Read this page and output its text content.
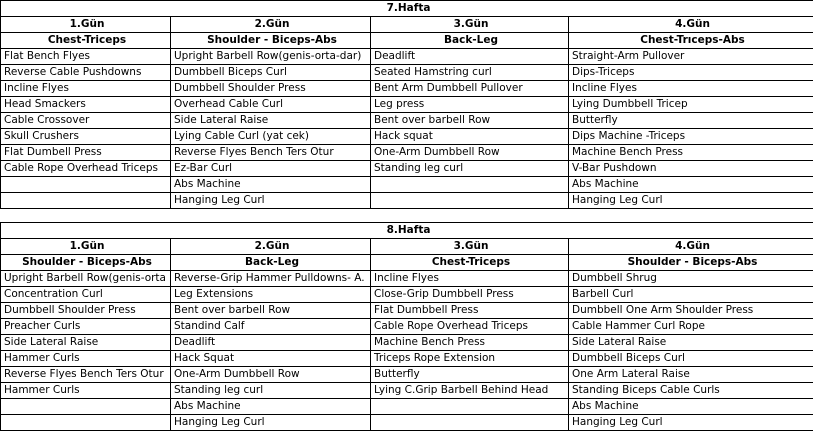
7.Hafta			
1.Gün	2.Gün	3.Gün	4.Gün
Chest-Triceps	Shoulder - Biceps-Abs	Back-Leg	Chest-Trıceps-Abs
Flat Bench Flyes	Upright Barbell Row(genis-orta-dar)	Deadlift	Straight-Arm Pullover
Reverse Cable Pushdowns	Dumbbell Biceps Curl	Seated Hamstring curl	Dips-Triceps
Incline Flyes	Dumbbell Shoulder Press	Bent Arm Dumbbell Pullover	Incline Flyes
Head Smackers	Overhead Cable Curl	Leg press	Lying Dumbbell Tricep
Cable Crossover	Side Lateral Raise	Bent over barbell Row	Butterfly
Skull Crushers	Lying Cable Curl (yat cek)	Hack squat	Dips Machine -Triceps
Flat Dumbell Press	Reverse Flyes Bench Ters Otur	One-Arm Dumbbell Row	Machine Bench Press
Cable Rope Overhead Triceps	Ez-Bar Curl	Standing leg curl	V-Bar Pushdown
	Abs Machine		Abs Machine
	Hanging Leg Curl		Hanging Leg Curl

8.Hafta			
1.Gün	2.Gün	3.Gün	4.Gün
Shoulder - Biceps-Abs	Back-Leg	Chest-Triceps	Shoulder - Biceps-Abs
Upright Barbell Row(genis-orta	Reverse-Grip Hammer Pulldowns- A.	Incline Flyes	Dumbbell Shrug
Concentration Curl	Leg Extensions	Close-Grip Dumbbell Press	Barbell Curl
Dumbbell Shoulder Press	Bent over barbell Row	Flat Dumbbell Press	Dumbbell One Arm Shoulder Press
Preacher Curls	Standind Calf	Cable Rope Overhead Triceps	Cable Hammer Curl Rope
Side Lateral Raise	Deadlift	Machine Bench Press	Side Lateral Raise
Hammer Curls	Hack Squat	Triceps Rope Extension	Dumbbell Biceps Curl
Reverse Flyes Bench Ters Otur	One-Arm Dumbbell Row	Butterfly	One Arm Lateral Raise
Hammer Curls	Standing leg curl	Lying C.Grip Barbell Behind Head	Standing Biceps Cable Curls
	Abs Machine		Abs Machine
	Hanging Leg Curl		Hanging Leg Curl
